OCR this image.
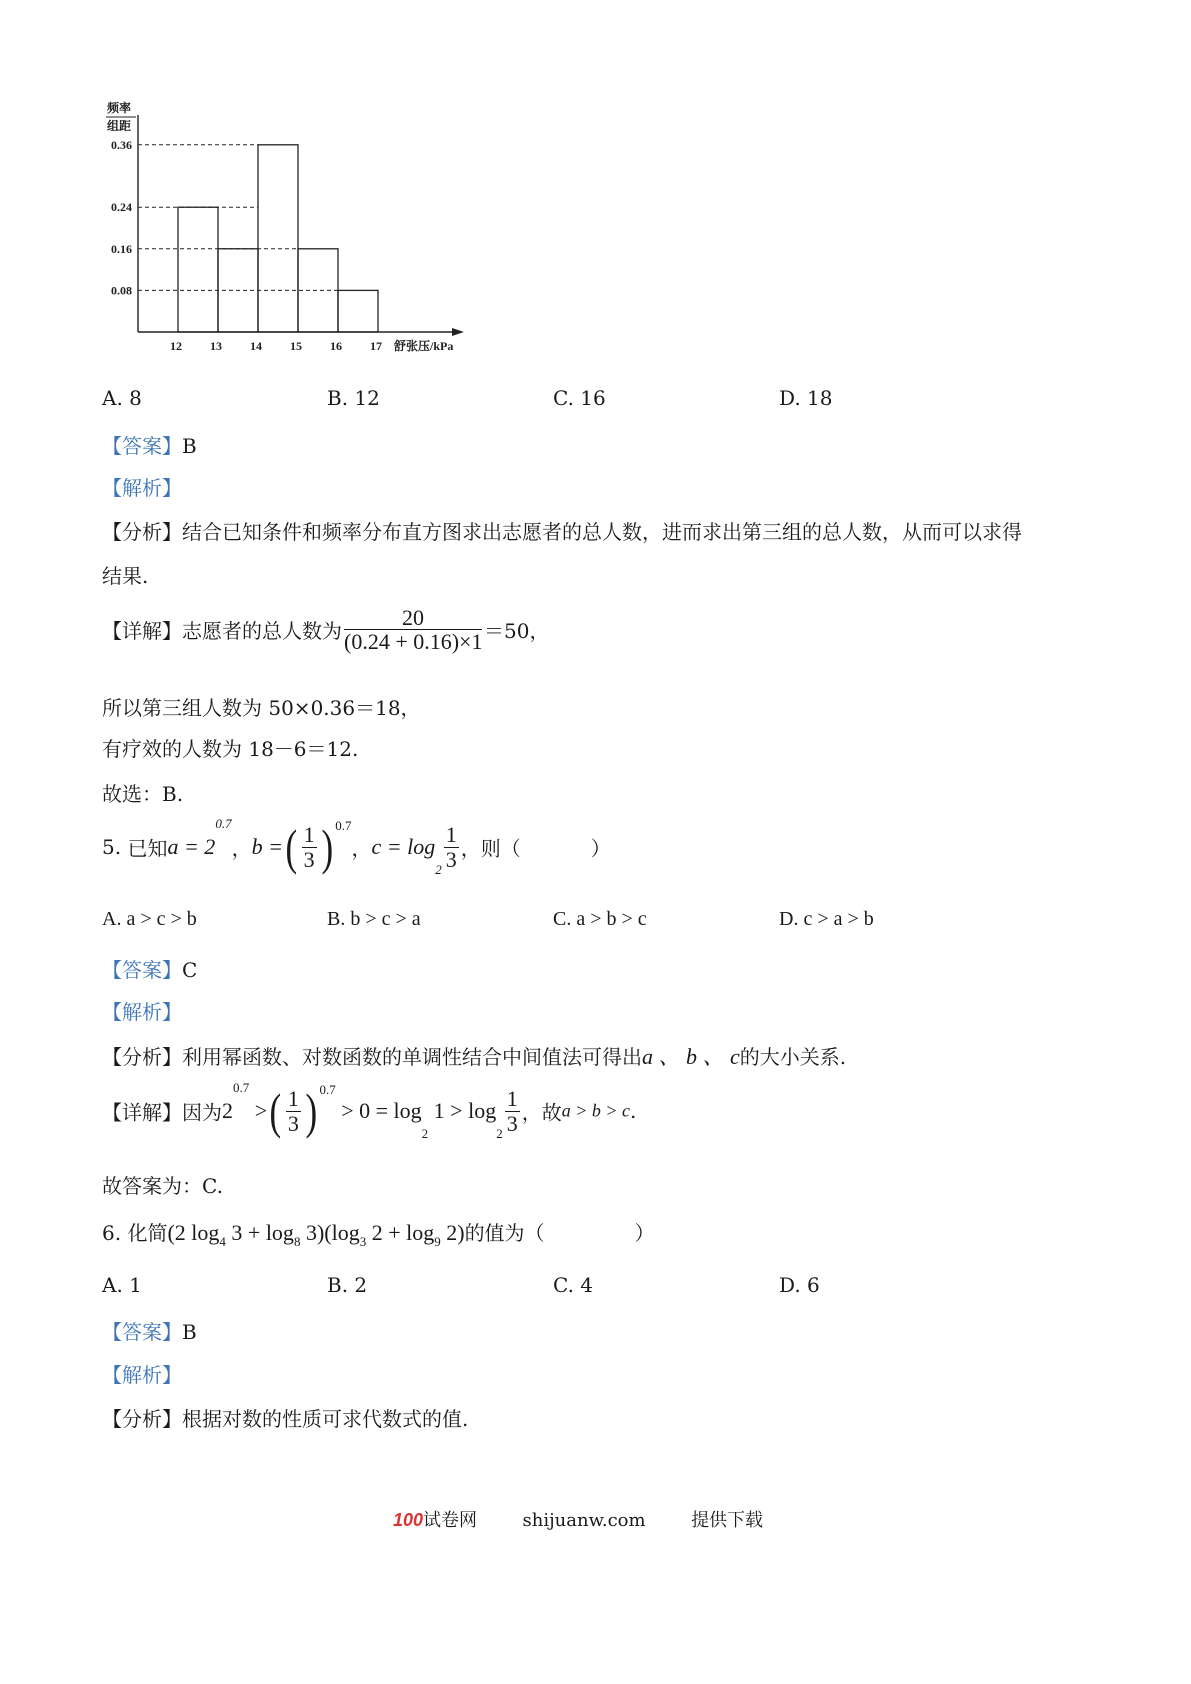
频率
组距
0.36
0.24
0.16
0.08
12 13 14 15 16 17 舒张压/kPa
A. 8	B. 12	C. 16	D. 18
【答案】B
【解析】
【分析】结合已知条件和频率分布直方图求出志愿者的总人数，进而求出第三组的总人数，从而可以求得
结果.
【详解】志愿者的总人数为 $\frac{20}{(0.24 + 0.16)\times 1} =50$，
所以第三组人数为 50×0.36＝18，
有疗效的人数为 18－6＝12.
故选：B.
5. 已知$a = 2^{0.7}$，b =( $\frac{1}{3}$ ) $^{0.7}$，$c = \log 2 \frac{1}{3}$ ，则（	）
A. a > c > b	B. b > c > a	C. a > b > c	D. c > a > b
【答案】C
【解析】
【分析】利用幂函数、对数函数的单调性结合中间值法可得出a 、 b 、 c的大小关系.
【详解】因为$2^{0.7}$ >( $\frac{1}{3}$ ) $^{0.7}$ > 0 = log2 $1 > \log 2 \frac{1}{3}$ ，故a > b > c.
故答案为：C.
6. 化简(2 log4 3 + log8 3)(log3 2 + log9 2)的值为（	）
A. 1	B. 2	C. 4	D. 6
【答案】B
【解析】
【分析】根据对数的性质可求代数式的值.
100试卷网	shijuanw.com	提供下载
